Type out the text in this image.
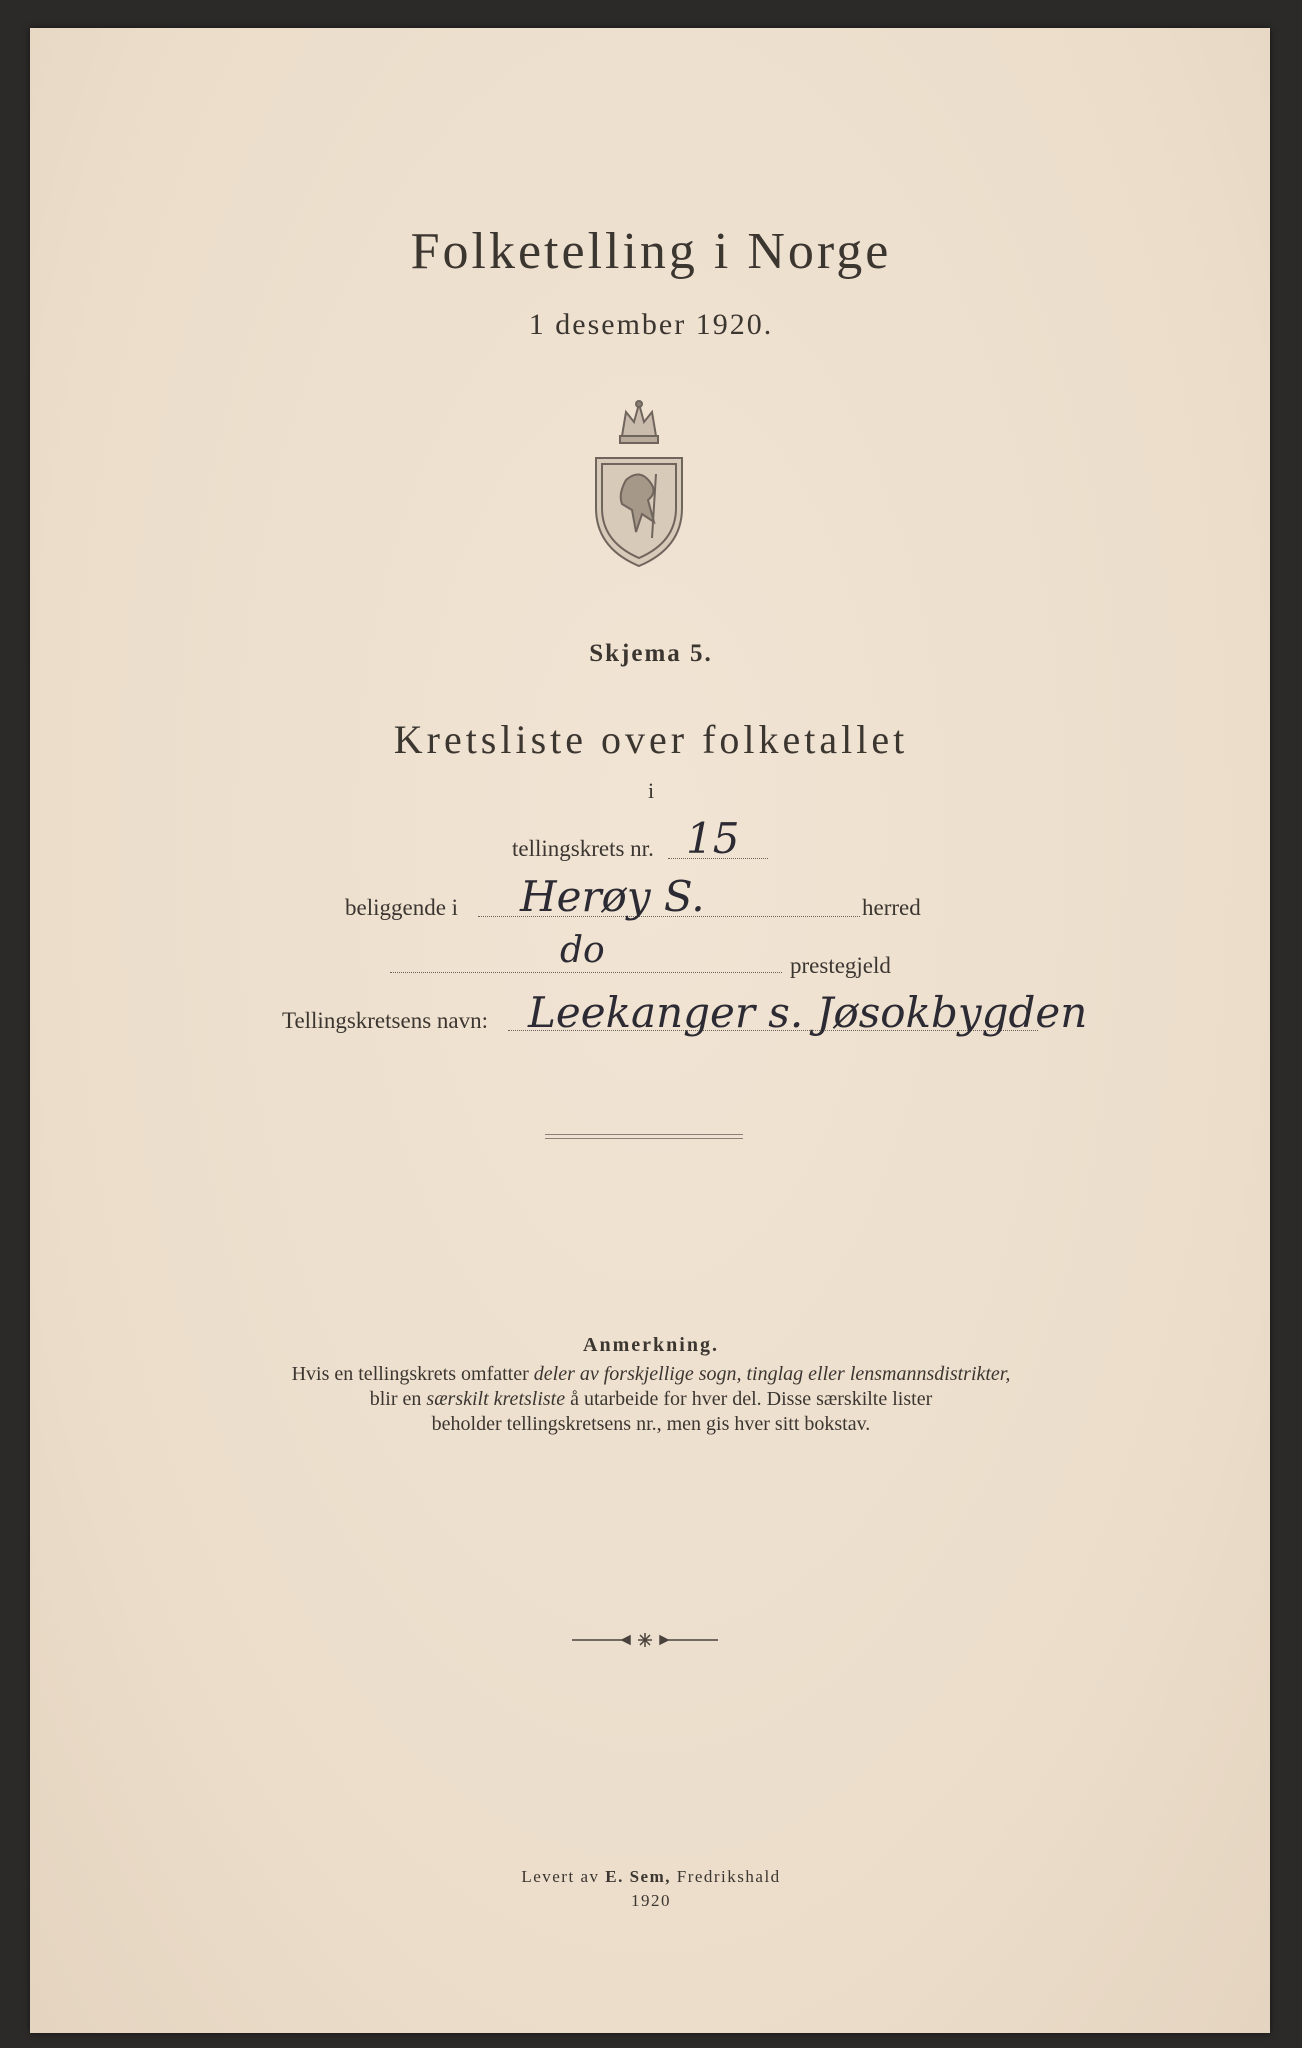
Folketelling i Norge
1 desember 1920.
Skjema 5.
Kretsliste over folketallet
i
tellingskrets nr. 15
beliggende i Herøy S.	herred
do	prestegjeld
Tellingskretsens navn: Leekanger s. Jøsokbygden
Anmerkning.
Hvis en tellingskrets omfatter deler av forskjellige sogn, tinglag eller lensmannsdistrikter,
blir en særskilt kretsliste å utarbeide for hver del. Disse særskilte lister
beholder tellingskretsens nr., men gis hver sitt bokstav.
Levert av E. Sem, Fredrikshald
1920
